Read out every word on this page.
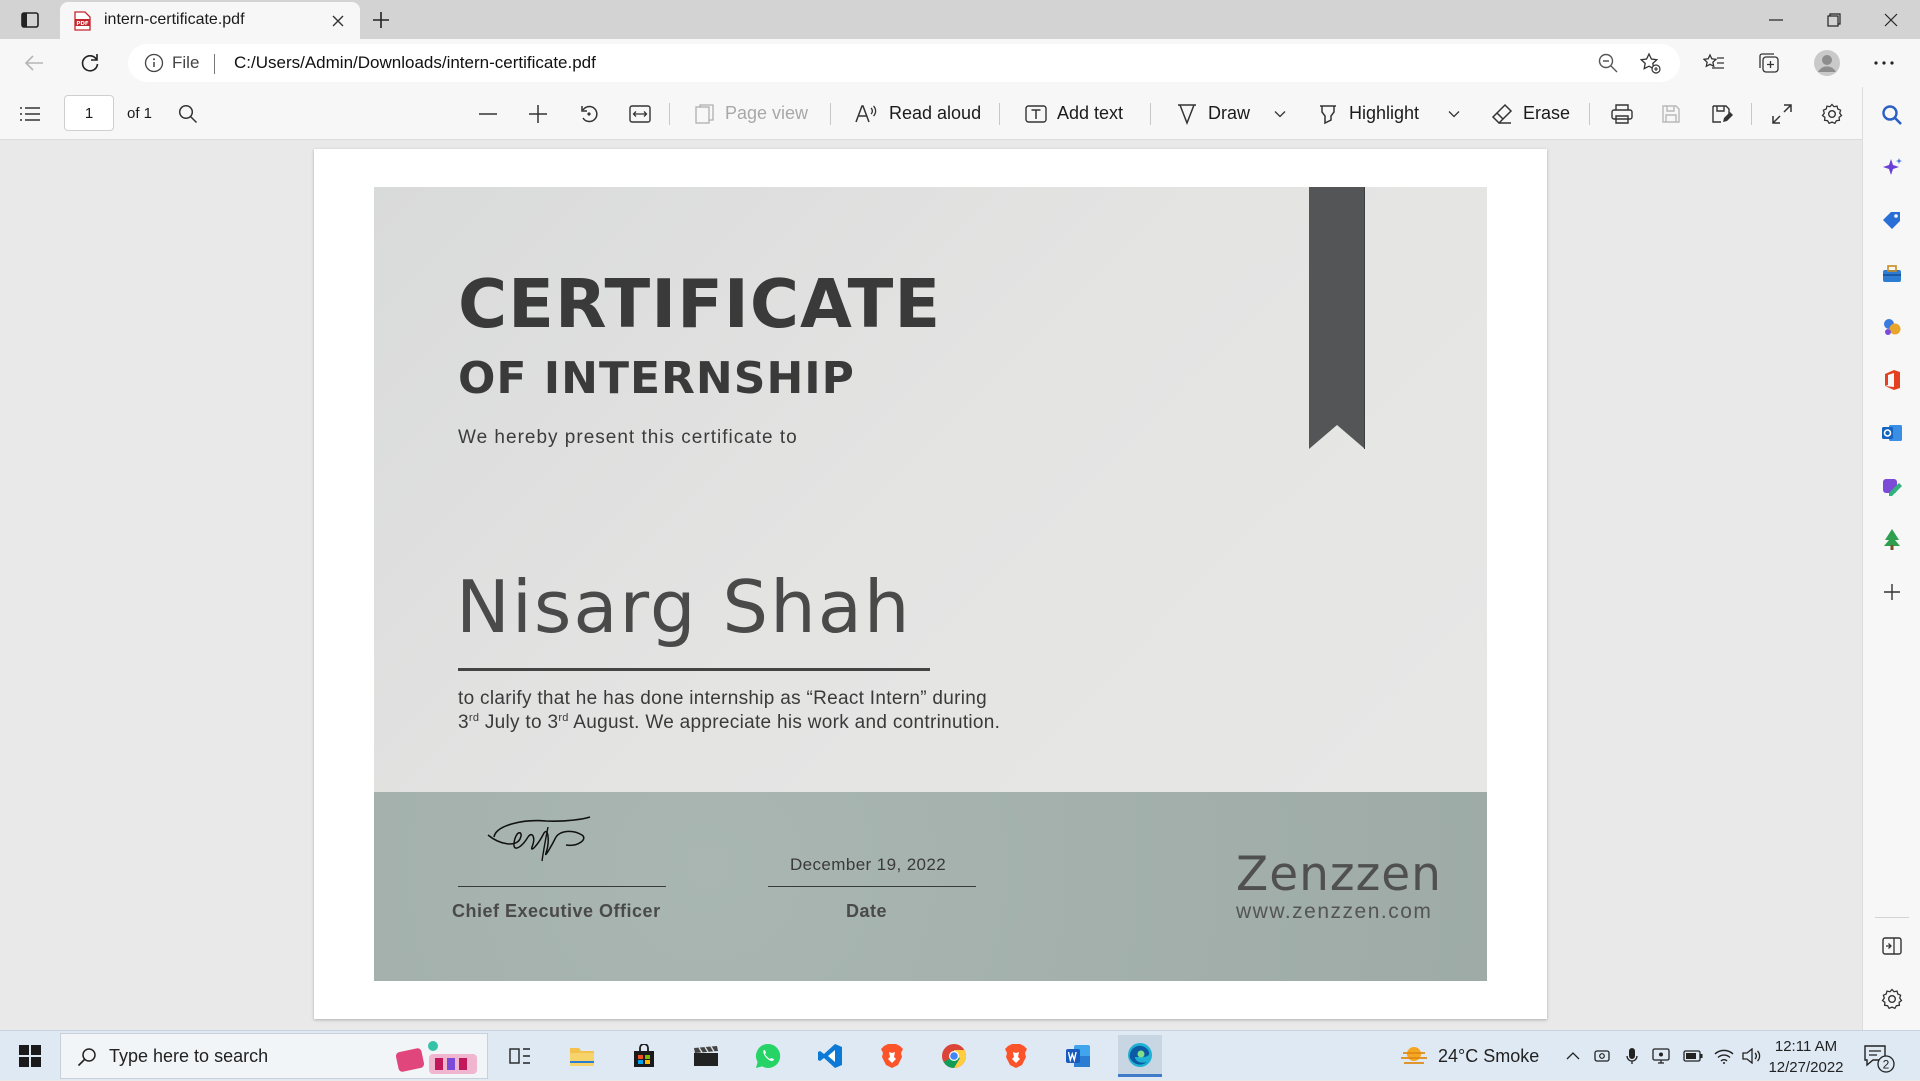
PDF intern-certificate.pdf
File C:/Users/Admin/Downloads/intern-certificate.pdf
1	of 1	Page view	Read aloud	Add text	Draw	Highlight	Erase
CERTIFICATE
OF INTERNSHIP
We hereby present this certificate to
Nisarg Shah
to clarify that he has done internship as “React Intern” during
3rd July to 3rd August. We appreciate his work and contrinution.
Chief Executive Officer
December 19, 2022
Date
Zenzzen
www.zenzzen.com
Type here to search	24°C Smoke	12:11 AM
12/27/2022	2
